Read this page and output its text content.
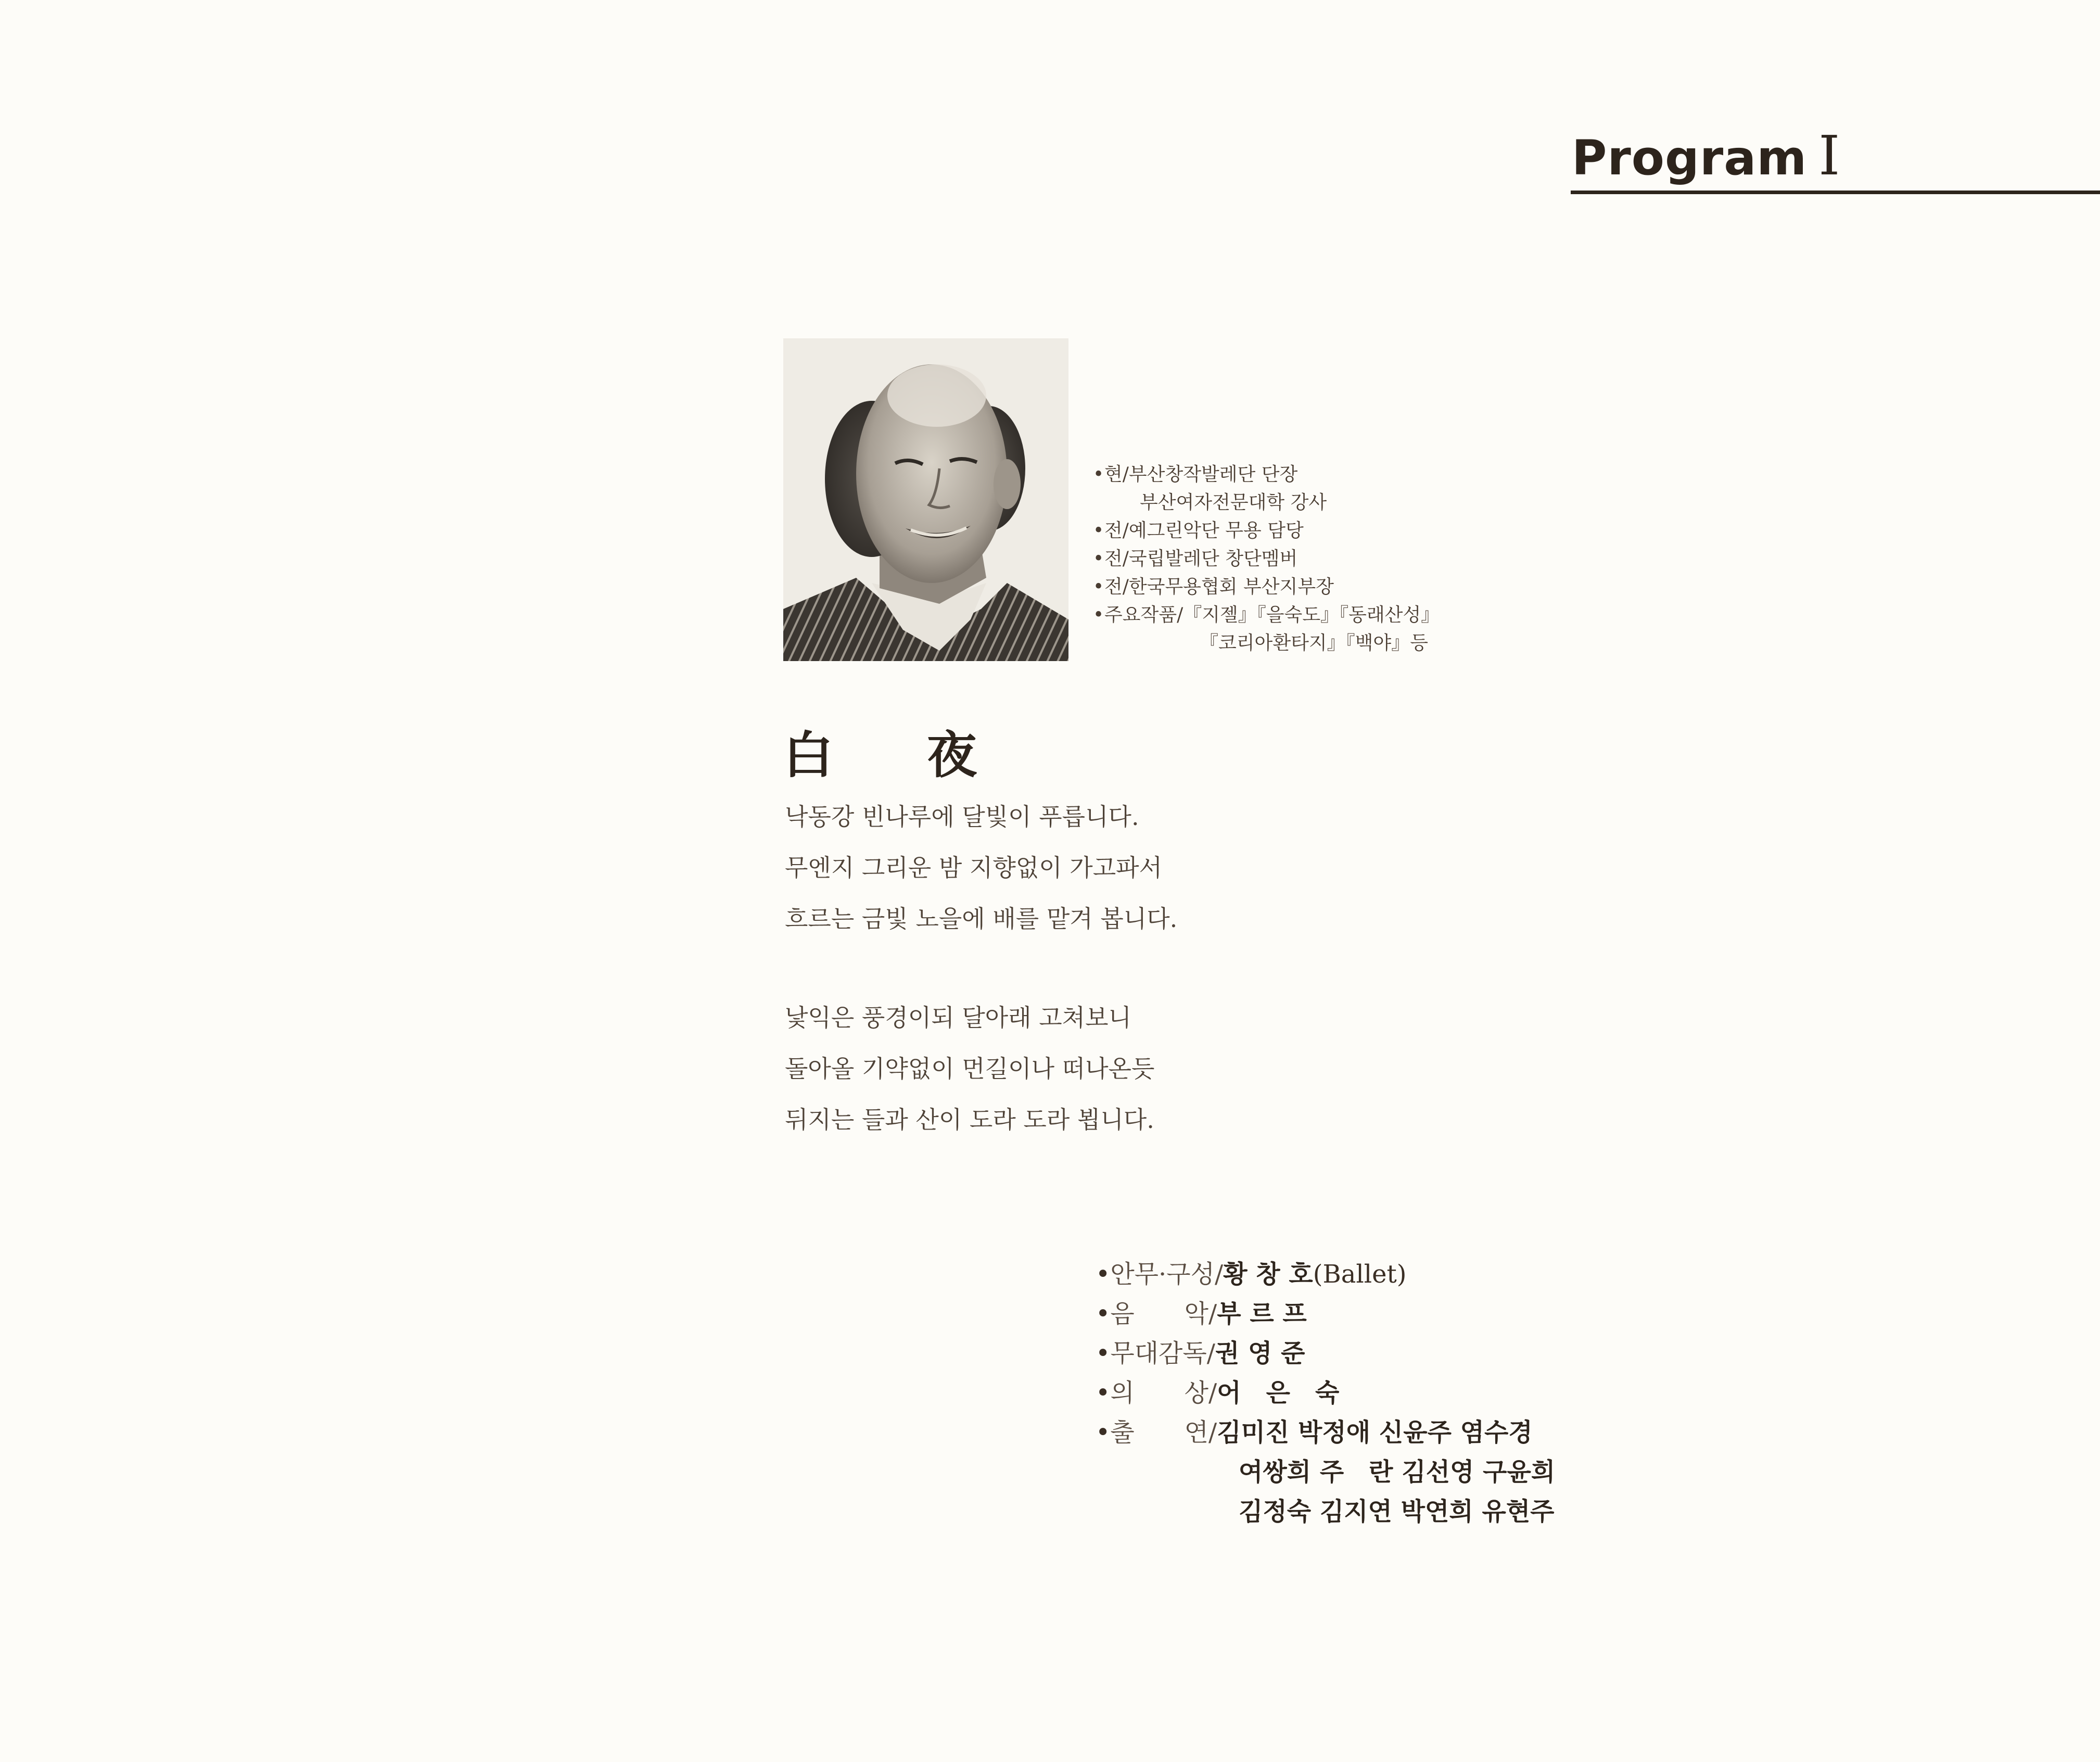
Program I
•현/부산창작발레단 단장
부산여자전문대학 강사
•전/예그린악단 무용 담당
•전/국립발레단 창단멤버
•전/한국무용협회 부산지부장
•주요작품/『지젤』『을숙도』『동래산성』
『코리아환타지』『백야』등
白 夜
낙동강 빈나루에 달빛이 푸릅니다.
무엔지 그리운 밤 지향없이 가고파서
흐르는 금빛 노을에 배를 맡겨 봅니다.
낯익은 풍경이되 달아래 고쳐보니
돌아올 기약없이 먼길이나 떠나온듯
뒤지는 들과 산이 도라 도라 뵙니다.
•안무·구성/황 창 호(Ballet)
•음　　악/부 르 프
•무대감독/권 영 준
•의　　상/어　은　숙
•출　　연/김미진 박정애 신윤주 염수경
여쌍희 주　란 김선영 구윤희
김정숙 김지연 박연희 유현주
